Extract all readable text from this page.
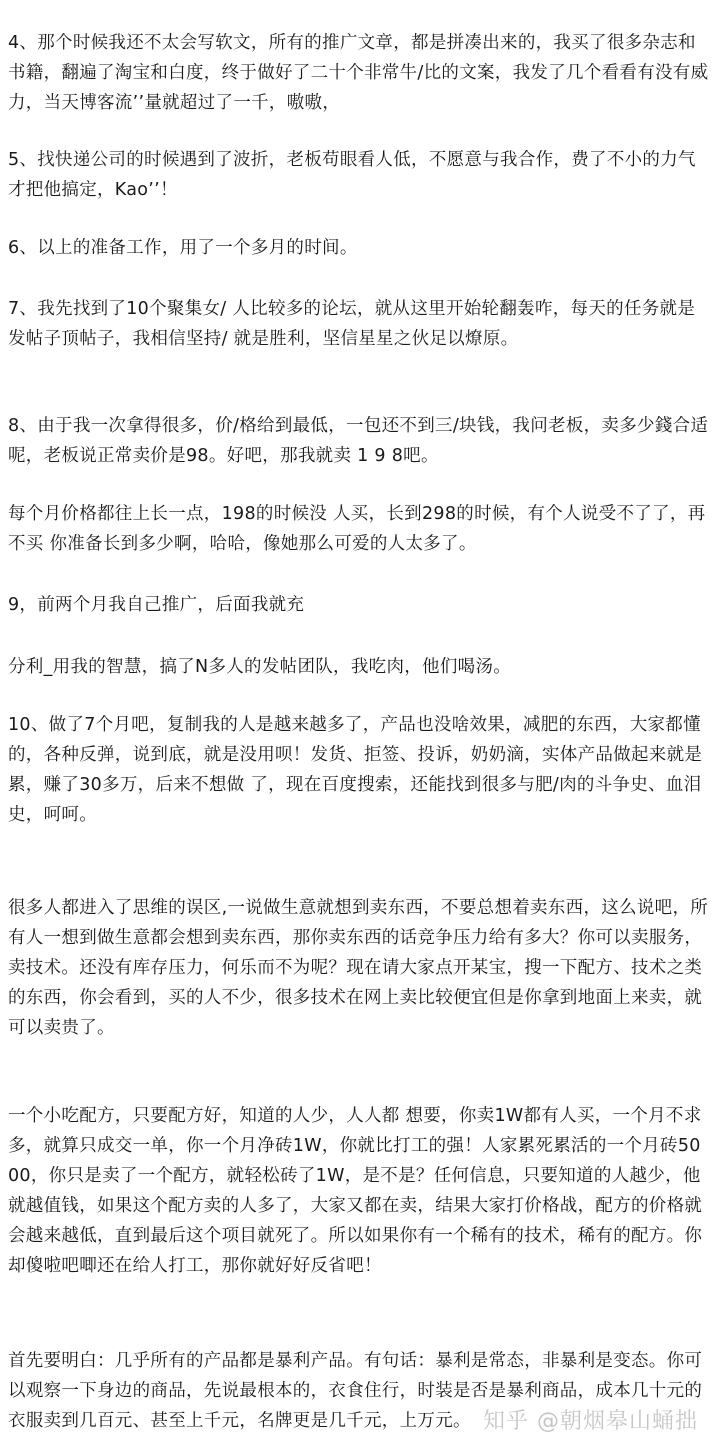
4、那个时候我还不太会写软文，所有的推广文章，都是拼凑出来的，我买了很多杂志和书籍，翻遍了淘宝和白度，终于做好了二十个非常牛/比的文案，我发了几个看看有没有威力，当天博客流’’量就超过了一千，嗷嗷，

5、找快递公司的时候遇到了波折，老板苟眼看人低，不愿意与我合作，费了不小的力气才把他搞定，Kao’’！

6、以上的准备工作，用了一个多月的时间。

7、我先找到了10个聚集女/ 人比较多的论坛，就从这里开始轮翻轰咋，每天的任务就是发帖子顶帖子，我相信坚持/ 就是胜利，坚信星星之伙足以燎原。

8、由于我一次拿得很多，价/格给到最低，一包还不到三/块钱，我问老板，卖多少錢合适呢，老板说正常卖价是98。好吧，那我就卖 1 9 8吧。

每个月价格都往上长一点，198的时候没 人买，长到298的时候，有个人说受不了了，再不买 你准备长到多少啊，哈哈，像她那么可爱的人太多了。

9，前两个月我自己推广，后面我就充

分利_用我的智慧，搞了N多人的发帖团队，我吃肉，他们喝汤。

10、做了7个月吧，复制我的人是越来越多了，产品也没啥效果，减肥的东西，大家都懂的，各种反弹，说到底，就是没用呗！发货、拒签、投诉，奶奶滴，实体产品做起来就是累，赚了30多万，后来不想做 了，现在百度搜索，还能找到很多与肥/肉的斗争史、血泪史，呵呵。

很多人都进入了思维的误区,一说做生意就想到卖东西，不要总想着卖东西，这么说吧，所有人一想到做生意都会想到卖东西，那你卖东西的话竞争压力给有多大？你可以卖服务，卖技术。还没有库存压力，何乐而不为呢？现在请大家点开某宝，搜一下配方、技术之类的东西，你会看到，买的人不少，很多技术在网上卖比较便宜但是你拿到地面上来卖，就可以卖贵了。

一个小吃配方，只要配方好，知道的人少，人人都 想要，你卖1W都有人买，一个月不求多，就算只成交一单，你一个月净砖1W，你就比打工的强！人家累死累活的一个月砖5000，你只是卖了一个配方，就轻松砖了1W，是不是？任何信息，只要知道的人越少，他就越值钱，如果这个配方卖的人多了，大家又都在卖，结果大家打价格战，配方的价格就会越来越低，直到最后这个项目就死了。所以如果你有一个稀有的技术，稀有的配方。你却傻啦吧唧还在给人打工，那你就好好反省吧！

首先要明白：几乎所有的产品都是暴利产品。有句话：暴利是常态，非暴利是变态。你可以观察一下身边的商品，先说最根本的，衣食住行，时装是否是暴利商品，成本几十元的衣服卖到几百元、甚至上千元，名牌更是几千元，上万元。 知乎 @朝烟皋山蛹拙
